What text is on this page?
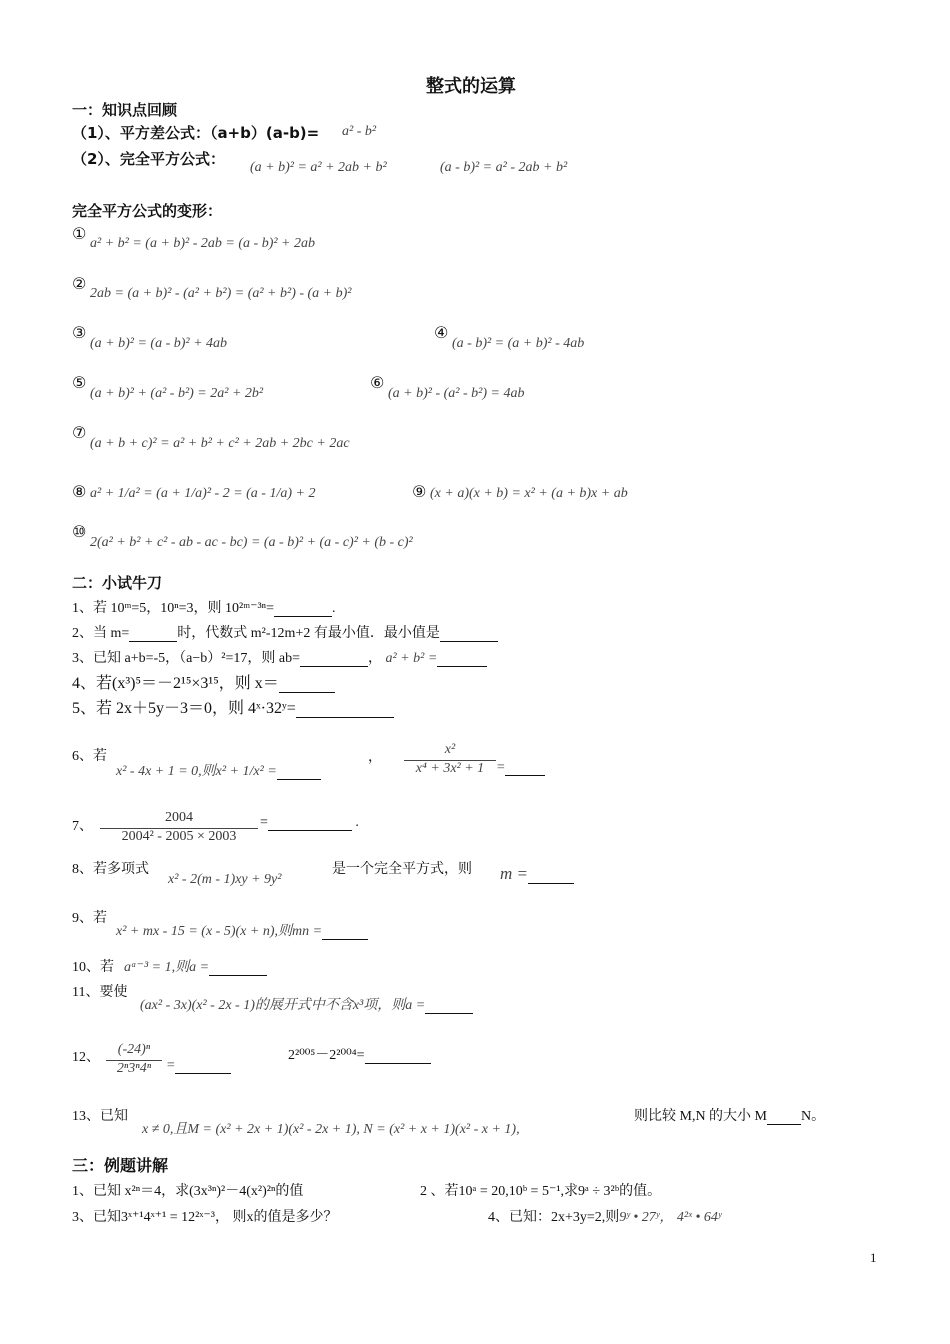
整式的运算
一：知识点回顾
（1）、平方差公式：（a+b）(a-b)= a² - b²
（2）、完全平方公式： (a + b)² = a² + 2ab + b²	(a - b)² = a² - 2ab + b²
完全平方公式的变形：
①
a² + b² = (a + b)² - 2ab = (a - b)² + 2ab
②
2ab = (a + b)² - (a² + b²) = (a² + b²) - (a + b)²
③
(a + b)² = (a - b)² + 4ab
④
(a - b)² = (a + b)² - 4ab
⑤
(a + b)² + (a² - b²) = 2a² + 2b²
⑥
(a + b)² - (a² - b²) = 4ab
⑦
(a + b + c)² = a² + b² + c² + 2ab + 2bc + 2ac
⑧ a² + 1/a² = (a + 1/a)² - 2 = (a - 1/a) + 2	⑨ (x + a)(x + b) = x² + (a + b)x + ab
⑩
2(a² + b² + c² - ab - ac - bc) = (a - b)² + (a - c)² + (b - c)²
二：小试牛刀
1、若 10ᵐ=5，10ⁿ=3，则 10²ᵐ⁻³ⁿ=	.
2、当 m=	时，代数式 m²-12m+2 有最小值．最小值是
3、已知 a+b=-5，（a−b）²=17，则 ab=	， a² + b² =
4、若(x³)⁵＝－2¹⁵×3¹⁵，则 x＝
5、若 2x＋5y－3＝0，则 4ˣ·32ʸ=
6、若
x² - 4x + 1 = 0,则x² + 1/x² =
， $\frac{\text{x²}}{\text{x⁴ + 3x² + 1}}$ =
7、 $\frac{2004}{\text{2004² - 2005 × 2003}}$ =	.
8、若多项式
x² - 2(m - 1)xy + 9y²
是一个完全平方式，则 m =
9、若
x² + mx - 15 = (x - 5)(x + n),则mn =
10、若 aᵃ⁻³ = 1,则a =
11、要使
(ax² - 3x)(x² - 2x - 1)的展开式中不含x³项，则a =
12、 $\frac{\text{(-24)ⁿ}}{\text{2ⁿ3ⁿ4ⁿ}}$ =
2²⁰⁰⁵－2²⁰⁰⁴=
13、已知
x ≠ 0,且M = (x² + 2x + 1)(x² - 2x + 1), N = (x² + x + 1)(x² - x + 1),
则比较 M,N 的大小 M N。
三：例题讲解
1、已知 x²ⁿ＝4，求(3x³ⁿ)²－4(x²)²ⁿ的值	2 、若10ᵃ = 20,10ᵇ = 5⁻¹,求9ᵃ ÷ 3²ᵇ的值。
3、已知3ˣ⁺¹4ˣ⁺¹ = 12²ˣ⁻³， 则x的值是多少？	4、已知：2x+3y=2,则9ʸ • 27ʸ， 4²ˣ • 64ʸ
1
